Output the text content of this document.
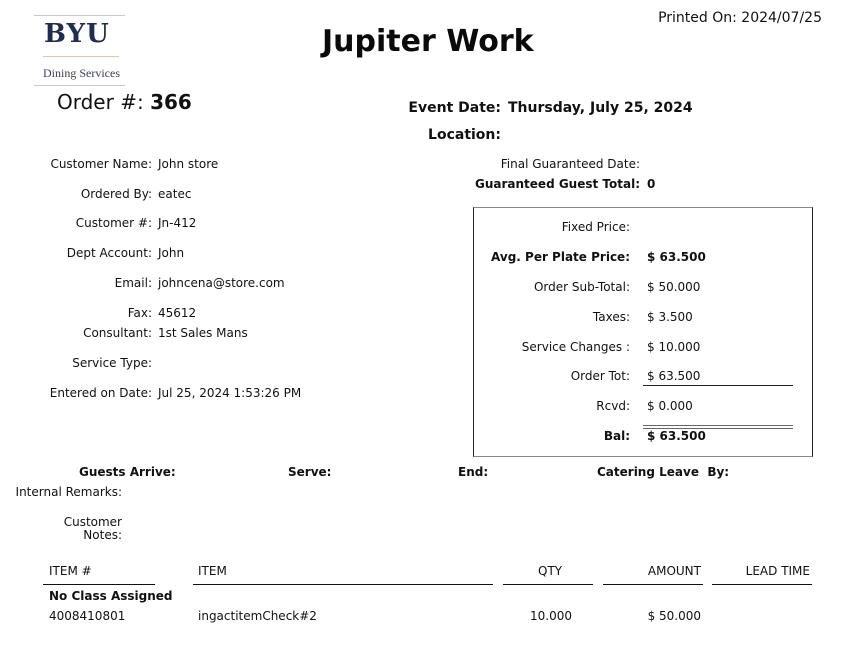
BYU
Dining Services
Jupiter Work
Printed On: 2024/07/25
Order #: 366	Event Date: Thursday, July 25, 2024
Location:
Final Guaranteed Date:
Guaranteed Guest Total: 0
Customer Name: John store
Ordered By: eatec
Customer #: Jn-412
Dept Account: John
Email: johncena@store.com
Fax: 45612
Consultant: 1st Sales Mans
Service Type:
Entered on Date: Jul 25, 2024 1:53:26 PM
Fixed Price:
Avg. Per Plate Price: $ 63.500
Order Sub-Total: $ 50.000
Taxes: $ 3.500
Service Changes : $ 10.000
Order Tot: $ 63.500
Rcvd: $ 0.000
Bal: $ 63.500
Guests Arrive:	Serve:	End:	Catering Leave  By:
Internal Remarks:
Customer
Notes:
ITEM #	ITEM	QTY	AMOUNT	LEAD TIME
No Class Assigned
4008410801	ingactitemCheck#2	10.000	$ 50.000
